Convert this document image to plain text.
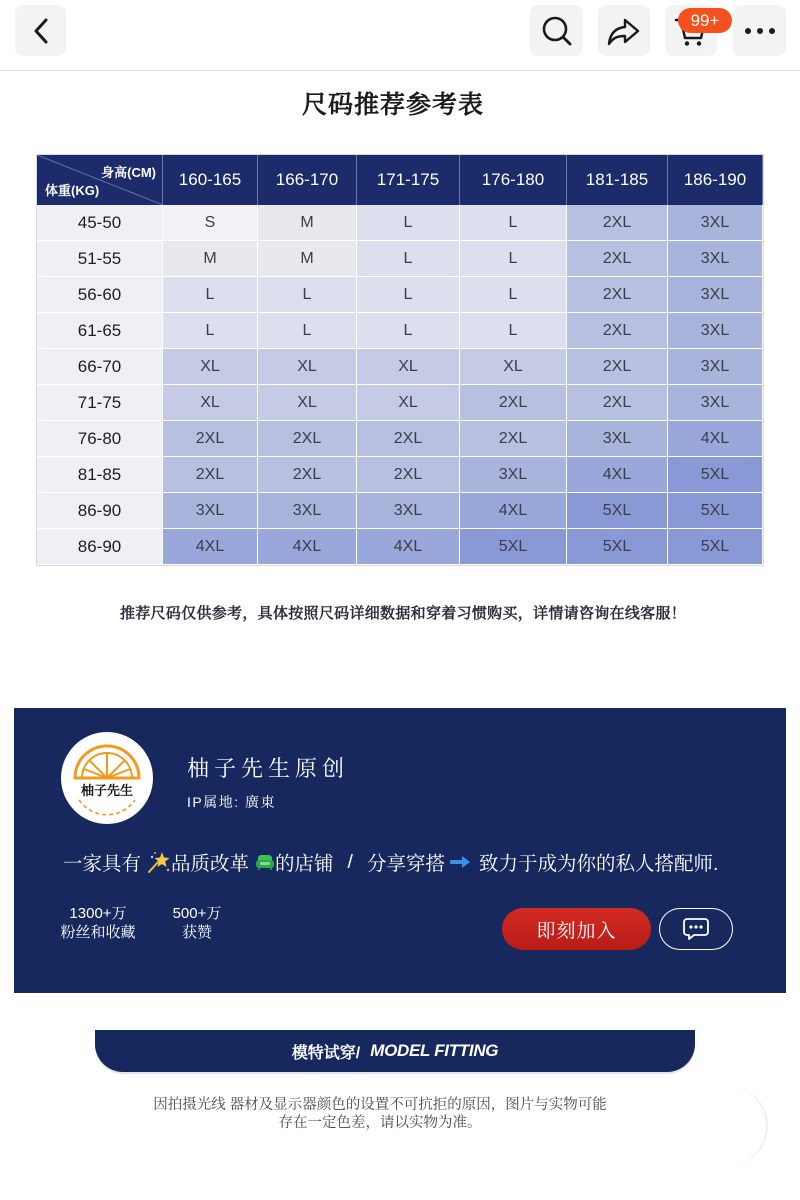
99+
尺码推荐参考表
身高(CM)
体重(KG)
160-165	166-170	171-175	176-180	181-185	186-190
45-50	S	M	L	L	2XL	3XL
51-55	M	M	L	L	2XL	3XL
56-60	L	L	L	L	2XL	3XL
61-65	L	L	L	L	2XL	3XL
66-70	XL	XL	XL	XL	2XL	3XL
71-75	XL	XL	XL	2XL	2XL	3XL
76-80	2XL	2XL	2XL	2XL	3XL	4XL
81-85	2XL	2XL	2XL	3XL	4XL	5XL
86-90	3XL	3XL	3XL	4XL	5XL	5XL
86-90	4XL	4XL	4XL	5XL	5XL	5XL
推荐尺码仅供参考，具体按照尺码详细数据和穿着习惯购买，详情请咨询在线客服！
柚子先生
柚子先生原创
IP属地: 廣東
一家具有 品质改革 的店铺 / 分享穿搭 致力于成为你的私人搭配师.
1300+万
粉丝和收藏
500+万
获赞	即刻加入
模特试穿/ MODEL FITTING
因拍摄光线 器材及显示器颜色的设置不可抗拒的原因，图片与实物可能
存在一定色差，请以实物为准。
